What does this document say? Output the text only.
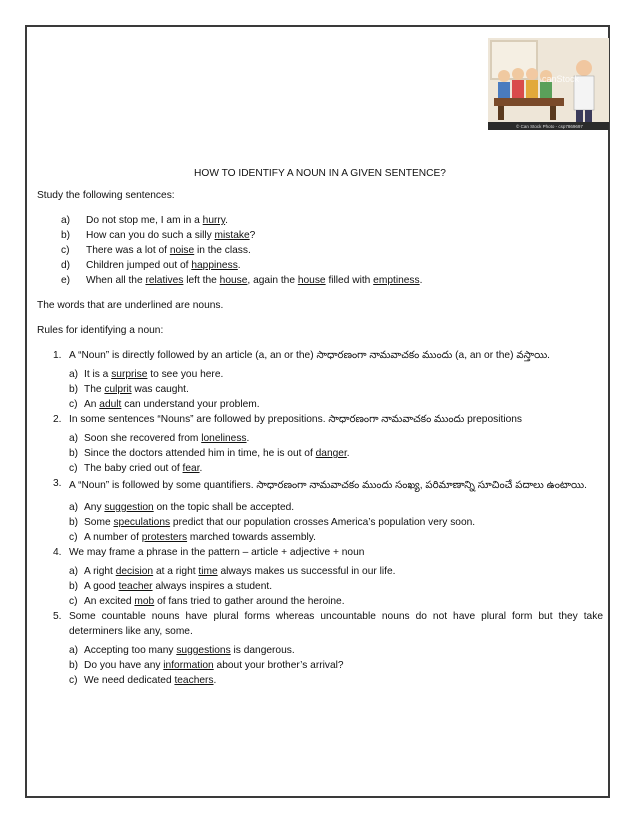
canStock
© Can Stock Photo - csp7869697
HOW TO IDENTIFY A NOUN IN A GIVEN SENTENCE?

Study the following sentences:

a) Do not stop me, I am in a hurry.
b) How can you do such a silly mistake?
c) There was a lot of noise in the class.
d) Children jumped out of happiness.
e) When all the relatives left the house, again the house filled with emptiness.

The words that are underlined are nouns.

Rules for identifying a noun:

1. A “Noun” is directly followed by an article (a, an or the) సాధారణంగా నామవాచకం ముందు (a, an or the) వస్తాయి.
a) It is a surprise to see you here.
b) The culprit was caught.
c) An adult can understand your problem.
2. In some sentences “Nouns” are followed by prepositions. సాధారణంగా నామవాచకం ముందు prepositions
a) Soon she recovered from loneliness.
b) Since the doctors attended him in time, he is out of danger.
c) The baby cried out of fear.
3. A “Noun” is followed by some quantifiers. సాధారణంగా నామవాచకం ముందు సంఖ్య, పరిమాణాన్ని సూచించే పదాలు ఉంటాయి.
a) Any suggestion on the topic shall be accepted.
b) Some speculations predict that our population crosses America’s population very soon.
c) A number of protesters marched towards assembly.
4. We may frame a phrase in the pattern – article + adjective + noun
a) A right decision at a right time always makes us successful in our life.
b) A good teacher always inspires a student.
c) An excited mob of fans tried to gather around the heroine.
5. Some countable nouns have plural forms whereas uncountable nouns do not have plural form but they take determiners like any, some.
a) Accepting too many suggestions is dangerous.
b) Do you have any information about your brother’s arrival?
c) We need dedicated teachers.
